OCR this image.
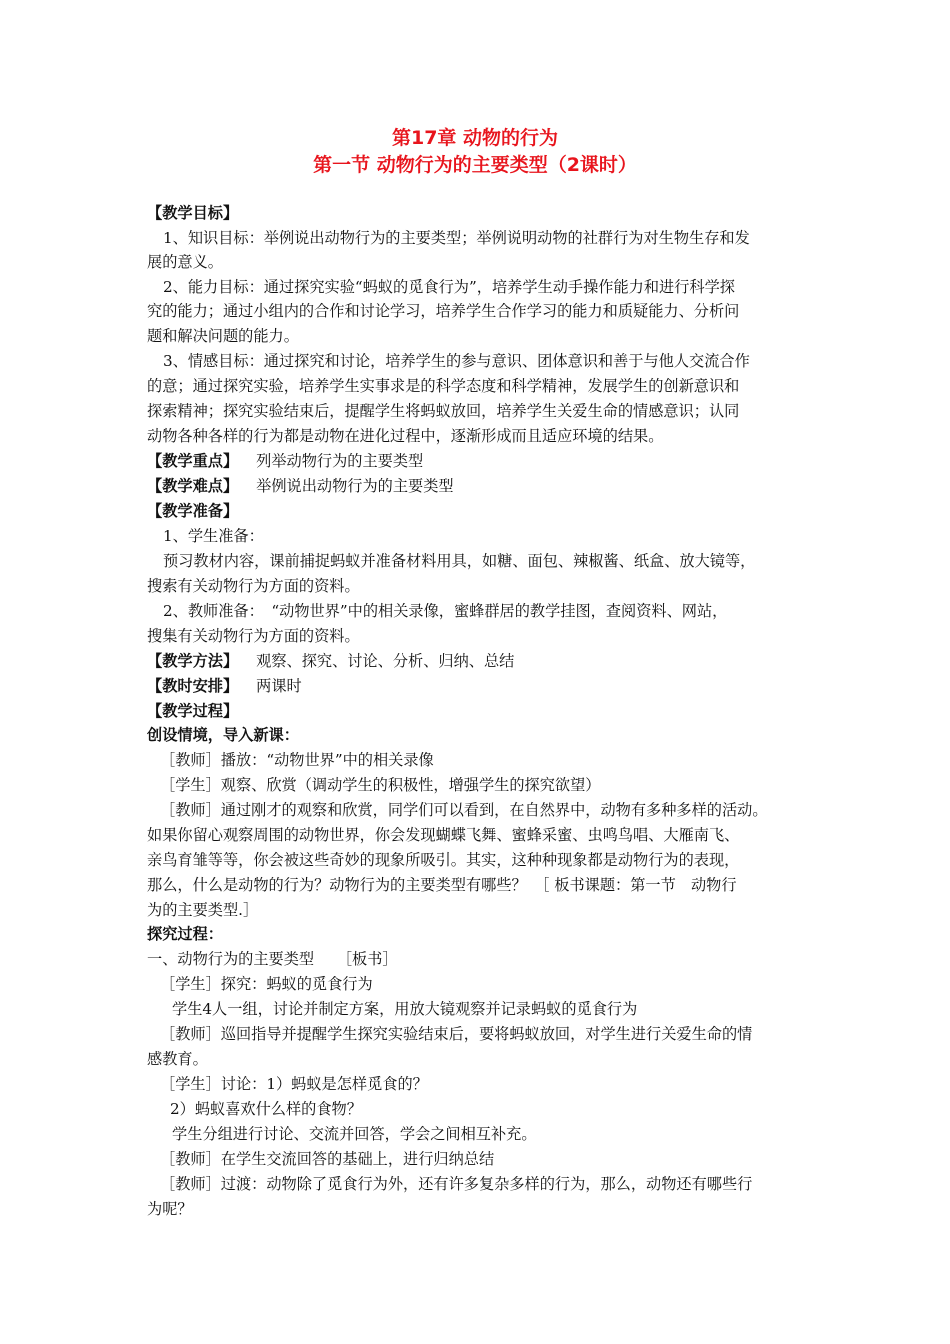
第17章 动物的行为
第一节 动物行为的主要类型（2课时）
【教学目标】
1、知识目标：举例说出动物行为的主要类型；举例说明动物的社群行为对生物生存和发
展的意义。
2、能力目标：通过探究实验“蚂蚁的觅食行为”，培养学生动手操作能力和进行科学探
究的能力；通过小组内的合作和讨论学习，培养学生合作学习的能力和质疑能力、分析问
题和解决问题的能力。
3、情感目标：通过探究和讨论，培养学生的参与意识、团体意识和善于与他人交流合作
的意；通过探究实验，培养学生实事求是的科学态度和科学精神，发展学生的创新意识和
探索精神；探究实验结束后，提醒学生将蚂蚁放回，培养学生关爱生命的情感意识；认同
动物各种各样的行为都是动物在进化过程中，逐渐形成而且适应环境的结果。
【教学重点】 列举动物行为的主要类型
【教学难点】 举例说出动物行为的主要类型
【教学准备】
1、学生准备：
预习教材内容，课前捕捉蚂蚁并准备材料用具，如糖、面包、辣椒酱、纸盒、放大镜等，
搜索有关动物行为方面的资料。
2、教师准备：　“动物世界”中的相关录像，蜜蜂群居的教学挂图，查阅资料、网站，
搜集有关动物行为方面的资料。
【教学方法】 观察、探究、讨论、分析、归纳、总结
【教时安排】 两课时
【教学过程】
创设情境，导入新课：
［教师］播放：“动物世界”中的相关录像
［学生］观察、欣赏（调动学生的积极性，增强学生的探究欲望）
［教师］通过刚才的观察和欣赏，同学们可以看到，在自然界中，动物有多种多样的活动。
如果你留心观察周围的动物世界，你会发现蝴蝶飞舞、蜜蜂采蜜、虫鸣鸟唱、大雁南飞、
亲鸟育雏等等，你会被这些奇妙的现象所吸引。其实，这种种现象都是动物行为的表现，
那么，什么是动物的行为？动物行为的主要类型有哪些？　［ 板书课题：第一节　动物行
为的主要类型.］
探究过程：
一、动物行为的主要类型　　［板书］
［学生］探究：蚂蚁的觅食行为
学生4人一组，讨论并制定方案，用放大镜观察并记录蚂蚁的觅食行为
［教师］巡回指导并提醒学生探究实验结束后，要将蚂蚁放回，对学生进行关爱生命的情
感教育。
［学生］讨论：1）蚂蚁是怎样觅食的？
2）蚂蚁喜欢什么样的食物？
学生分组进行讨论、交流并回答，学会之间相互补充。
［教师］在学生交流回答的基础上，进行归纳总结
［教师］过渡：动物除了觅食行为外，还有许多复杂多样的行为，那么，动物还有哪些行
为呢？
